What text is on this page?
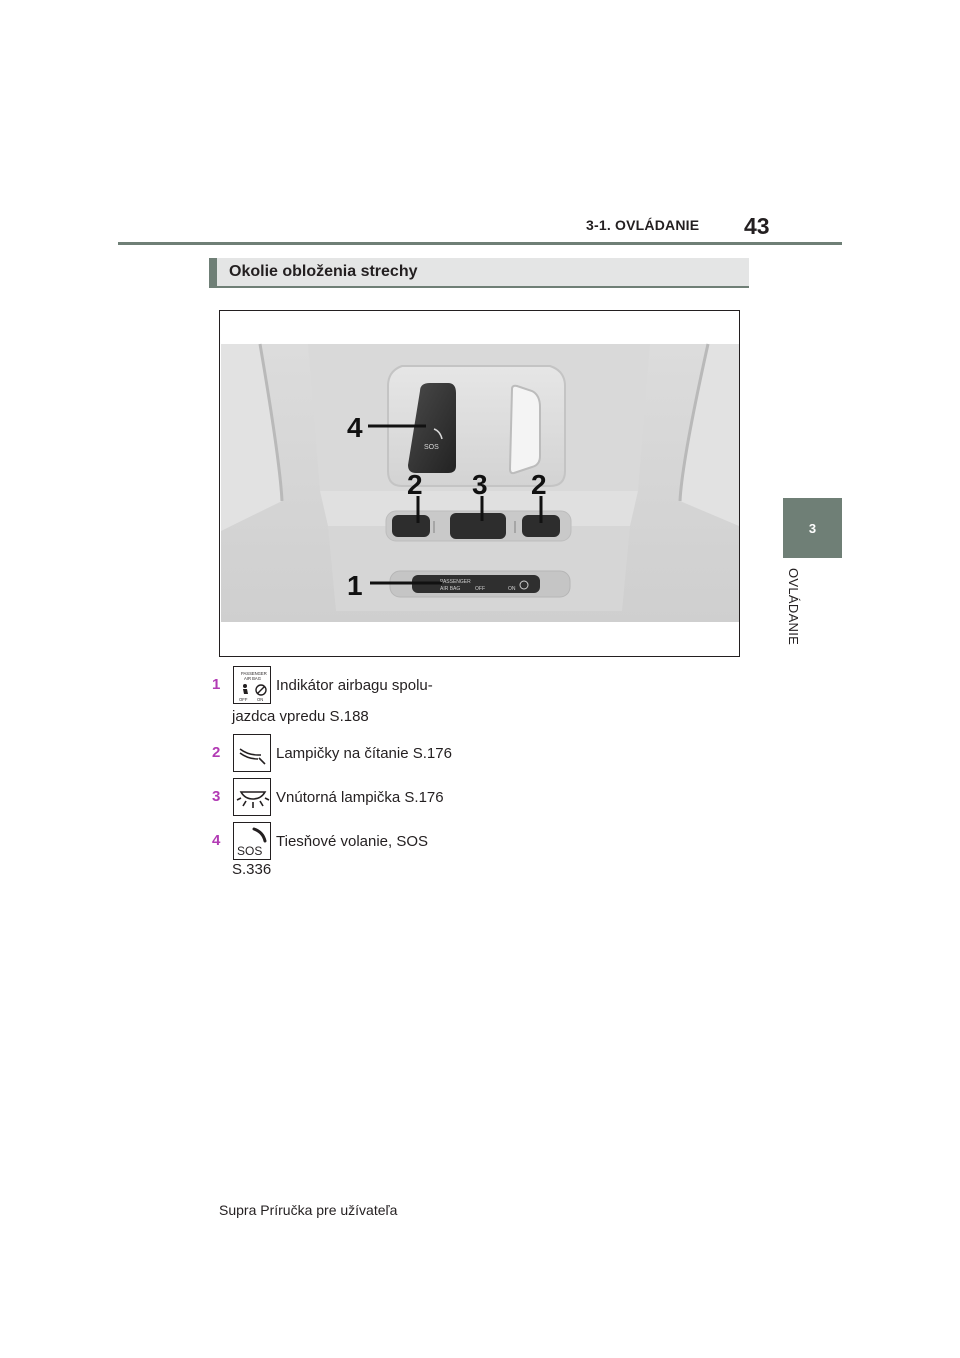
3-1. OVLÁDANIE 43
3
OVLÁDANIE
Okolie obloženia strechy
SOS
PASSENGER
AIR BAG	OFF	ON
4
2 3 2
1
1
PASSENGER
AIR BAG
OFF ON
Indikátor airbagu spolu-
jazdca vpredu S.188
2	Lampičky na čítanie S.176
3	Vnútorná lampička S.176
4
SOS
Tiesňové volanie, SOS
S.336
Supra Príručka pre užívateľa
